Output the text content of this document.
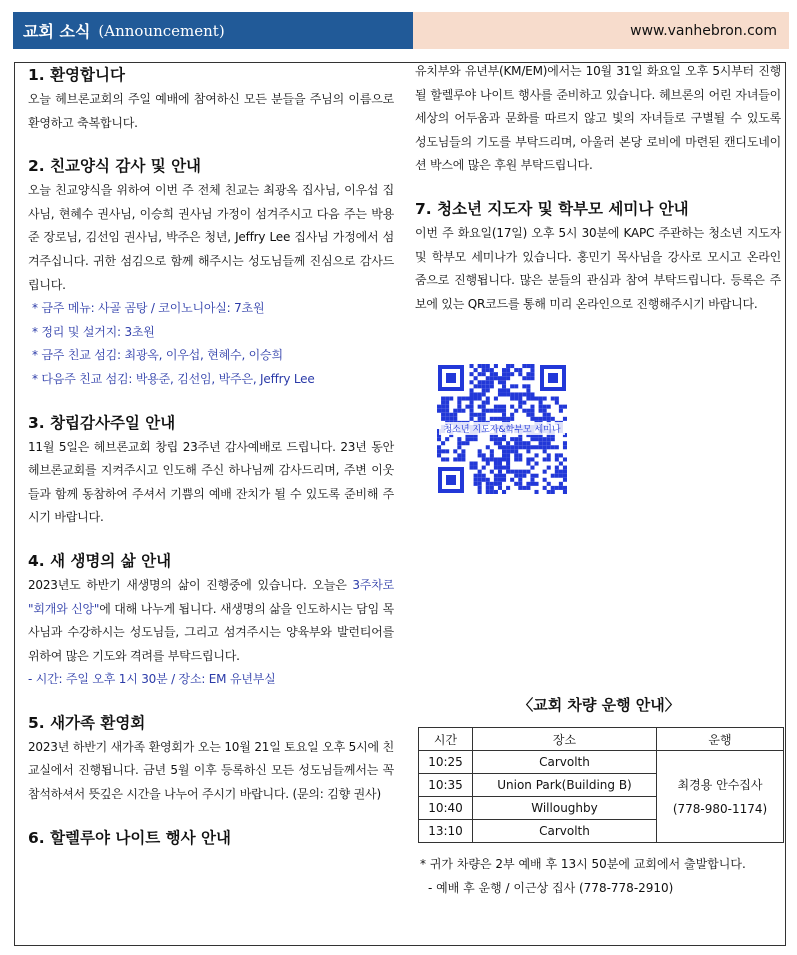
교회 소식 (Announcement)	www.vanhebron.com
1. 환영합니다

오늘 헤브론교회의 주일 예배에 참여하신 모든 분들을 주님의 이름으로 환영하고 축복합니다.

2. 친교양식 감사 및 안내

오늘 친교양식을 위하여 이번 주 전체 친교는 최광옥 집사님, 이우섭 집사님, 현혜수 권사님, 이승희 권사님 가정이 섬겨주시고 다음 주는 박용준 장로님, 김선임 권사님, 박주은 청년, Jeffry Lee 집사님 가정에서 섬겨주십니다. 귀한 섬김으로 함께 해주시는 성도님들께 진심으로 감사드립니다.

* 금주 메뉴: 사골 곰탕 / 코이노니아실: 7초원
* 정리 및 설거지: 3초원
* 금주 친교 섬김: 최광옥, 이우섭, 현혜수, 이승희
* 다음주 친교 섬김: 박용준, 김선임, 박주은, Jeffry Lee
3. 창립감사주일 안내

11월 5일은 헤브론교회 창립 23주년 감사예배로 드립니다. 23년 동안 헤브론교회를 지켜주시고 인도해 주신 하나님께 감사드리며, 주변 이웃들과 함께 동참하여 주셔서 기쁨의 예배 잔치가 될 수 있도록 준비해 주시기 바랍니다.

4. 새 생명의 삶 안내

2023년도 하반기 새생명의 삶이 진행중에 있습니다. 오늘은 3주차로 "회개와 신앙"에 대해 나누게 됩니다. 새생명의 삶을 인도하시는 담임 목사님과 수강하시는 성도님들, 그리고 섬겨주시는 양육부와 발런티어를 위하여 많은 기도와 격려를 부탁드립니다.

- 시간: 주일 오후 1시 30분 / 장소: EM 유년부실
5. 새가족 환영회

2023년 하반기 새가족 환영회가 오는 10월 21일 토요일 오후 5시에 친교실에서 진행됩니다. 금년 5월 이후 등록하신 모든 성도님들께서는 꼭 참석하셔서 뜻깊은 시간을 나누어 주시기 바랍니다. (문의: 김향 권사)

6. 할렐루야 나이트 행사 안내

유치부와 유년부(KM/EM)에서는 10월 31일 화요일 오후 5시부터 진행될 할렐루야 나이트 행사를 준비하고 있습니다. 헤브론의 어린 자녀들이 세상의 어두움과 문화를 따르지 않고 빛의 자녀들로 구별될 수 있도록 성도님들의 기도를 부탁드리며, 아울러 본당 로비에 마련된 캔디도네이션 박스에 많은 후원 부탁드립니다.

7. 청소년 지도자 및 학부모 세미나 안내

이번 주 화요일(17일) 오후 5시 30분에 KAPC 주관하는 청소년 지도자 및 학부모 세미나가 있습니다. 홍민기 목사님을 강사로 모시고 온라인 줌으로 진행됩니다. 많은 분들의 관심과 참여 부탁드립니다. 등록은 주보에 있는 QR코드를 통해 미리 온라인으로 진행해주시기 바랍니다.

청소년 지도자&학부모 세미나
〈교회 차량 운행 안내〉
시간	장소	운행
10:25	Carvolth	최경용 안수집사
(778-980-1174)

10:35	Union Park(Building B)	
10:40	Willoughby	
13:10	Carvolth	
* 귀가 차량은 2부 예배 후 13시 50분에 교회에서 출발합니다.
- 예배 후 운행 / 이근상 집사 (778-778-2910)
